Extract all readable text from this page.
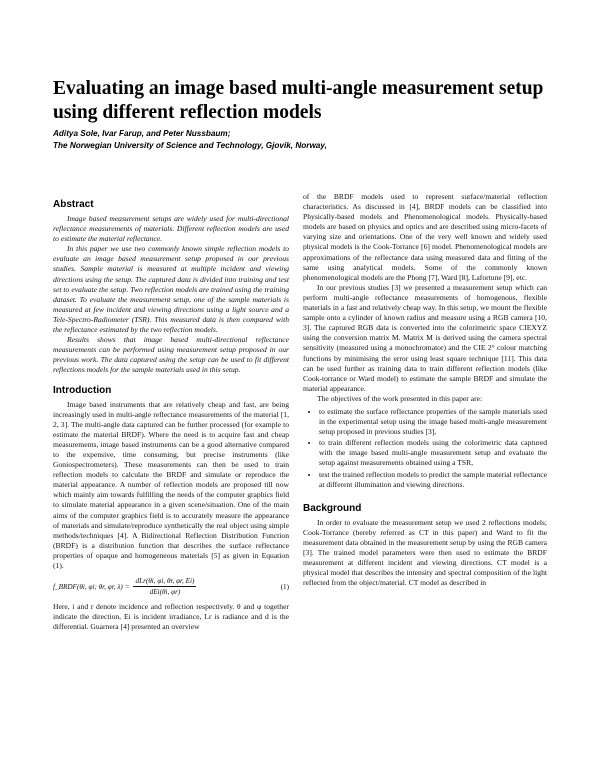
Evaluating an image based multi-angle measurement setup using different reflection models
Aditya Sole, Ivar Farup, and Peter Nussbaum;
The Norwegian University of Science and Technology, Gjovik, Norway,
Abstract

Image based measurement setups are widely used for multi-directional reflectance measurements of materials. Different reflection models are used to estimate the material reflectance.

In this paper we use two commonly known simple reflection models to evaluate an image based measurement setup proposed in our previous studies. Sample material is measured at multiple incident and viewing directions using the setup. The captured data is divided into training and test set to evaluate the setup. Two reflection models are trained using the training dataset. To evaluate the measurement setup, one of the sample materials is measured at few incident and viewing directions using a light source and a Tele-Spectro-Radiometer (TSR). This measured data is then compared with the reflectance estimated by the two reflection models.

Results shows that image based multi-directional reflectance measurements can be performed using measurement setup proposed in our previous work. The data captured using the setup can be used to fit different reflections models for the sample materials used in this setup.

Introduction

Image based instruments that are relatively cheap and fast, are being increasingly used in multi-angle reflectance measurements of the material [1, 2, 3]. The multi-angle data captured can be further processed (for example to estimate the material BRDF). Where the need is to acquire fast and cheap measurements, image based instruments can be a good alternative compared to the expensive, time consuming, but precise instruments (like Goniospectrometers). These measurements can then be used to train reflection models to calculate the BRDF and simulate or reproduce the material appearance. A number of reflection models are proposed till now which mainly aim towards fulfilling the needs of the computer graphics field to simulate material appearance in a given scene/situation. One of the main aims of the computer graphics field is to accurately measure the appearance of materials and simulate/reproduce synthetically the real object using simple methods/techniques [4]. A Bidirectional Reflection Distribution Function (BRDF) is a distribution function that describes the surface reflectance properties of opaque and homogeneous materials [5] as given in Equation (1).

f_BRDF(θi, φi; θr, φr, $\lambda) = \frac{\text{dLr(θi, φi, θr, φr, Ei)}}{\text{dEi(θi, φr)}}$	(1)

Here, i and r denote incidence and reflection respectively. θ and φ together indicate the direction, Ei is incident irradiance, Lr is radiance and d is the differential. Guarnera [4] presented an overview

of the BRDF models used to represent surface/material reflection characteristics. As discussed in [4], BRDF models can be classified into Physically-based models and Phenomenological models. Physically-based models are based on physics and optics and are described using micro-facets of varying size and orientations. One of the very well known and widely used physical models is the Cook-Torrance [6] model. Phenomenological models are approximations of the reflectance data using measured data and fitting of the same using analytical models. Some of the commonly known phenomenological models are the Phong [7], Ward [8], Lafortune [9], etc.

In our previous studies [3] we presented a measurement setup which can perform multi-angle reflectance measurements of homogenous, flexible materials in a fast and relatively cheap way. In this setup, we mount the flexible sample onto a cylinder of known radius and measure using a RGB camera [10, 3]. The captured RGB data is converted into the colorimetric space CIEXYZ using the conversion matrix M. Matrix M is derived using the camera spectral sensitivity (measured using a monochromator) and the CIE 2° colour matching functions by minimising the error using least square technique [11]. This data can be used further as training data to train different reflection models (like Cook-torrance or Ward model) to estimate the sample BRDF and simulate the material appearance.

The objectives of the work presented in this paper are:

• to estimate the surface reflectance properties of the sample materials used in the experimental setup using the image based multi-angle measurement setup proposed in previous studies [3],
• to train different reflection models using the colorimetric data captured with the image based multi-angle measurement setup and evaluate the setup against measurements obtained using a TSR,
• test the trained reflection models to predict the sample material reflectance at different illumination and viewing directions.
Background

In order to evaluate the measurement setup we used 2 reflections models; Cook-Torrance (hereby referred as CT in this paper) and Ward to fit the measurement data obtained in the measurement setup by using the RGB camera [3]. The trained model parameters were then used to estimate the BRDF measurement at different incident and viewing directions. CT model is a physical model that describes the intensity and spectral composition of the light reflected from the object/material. CT model as described in
